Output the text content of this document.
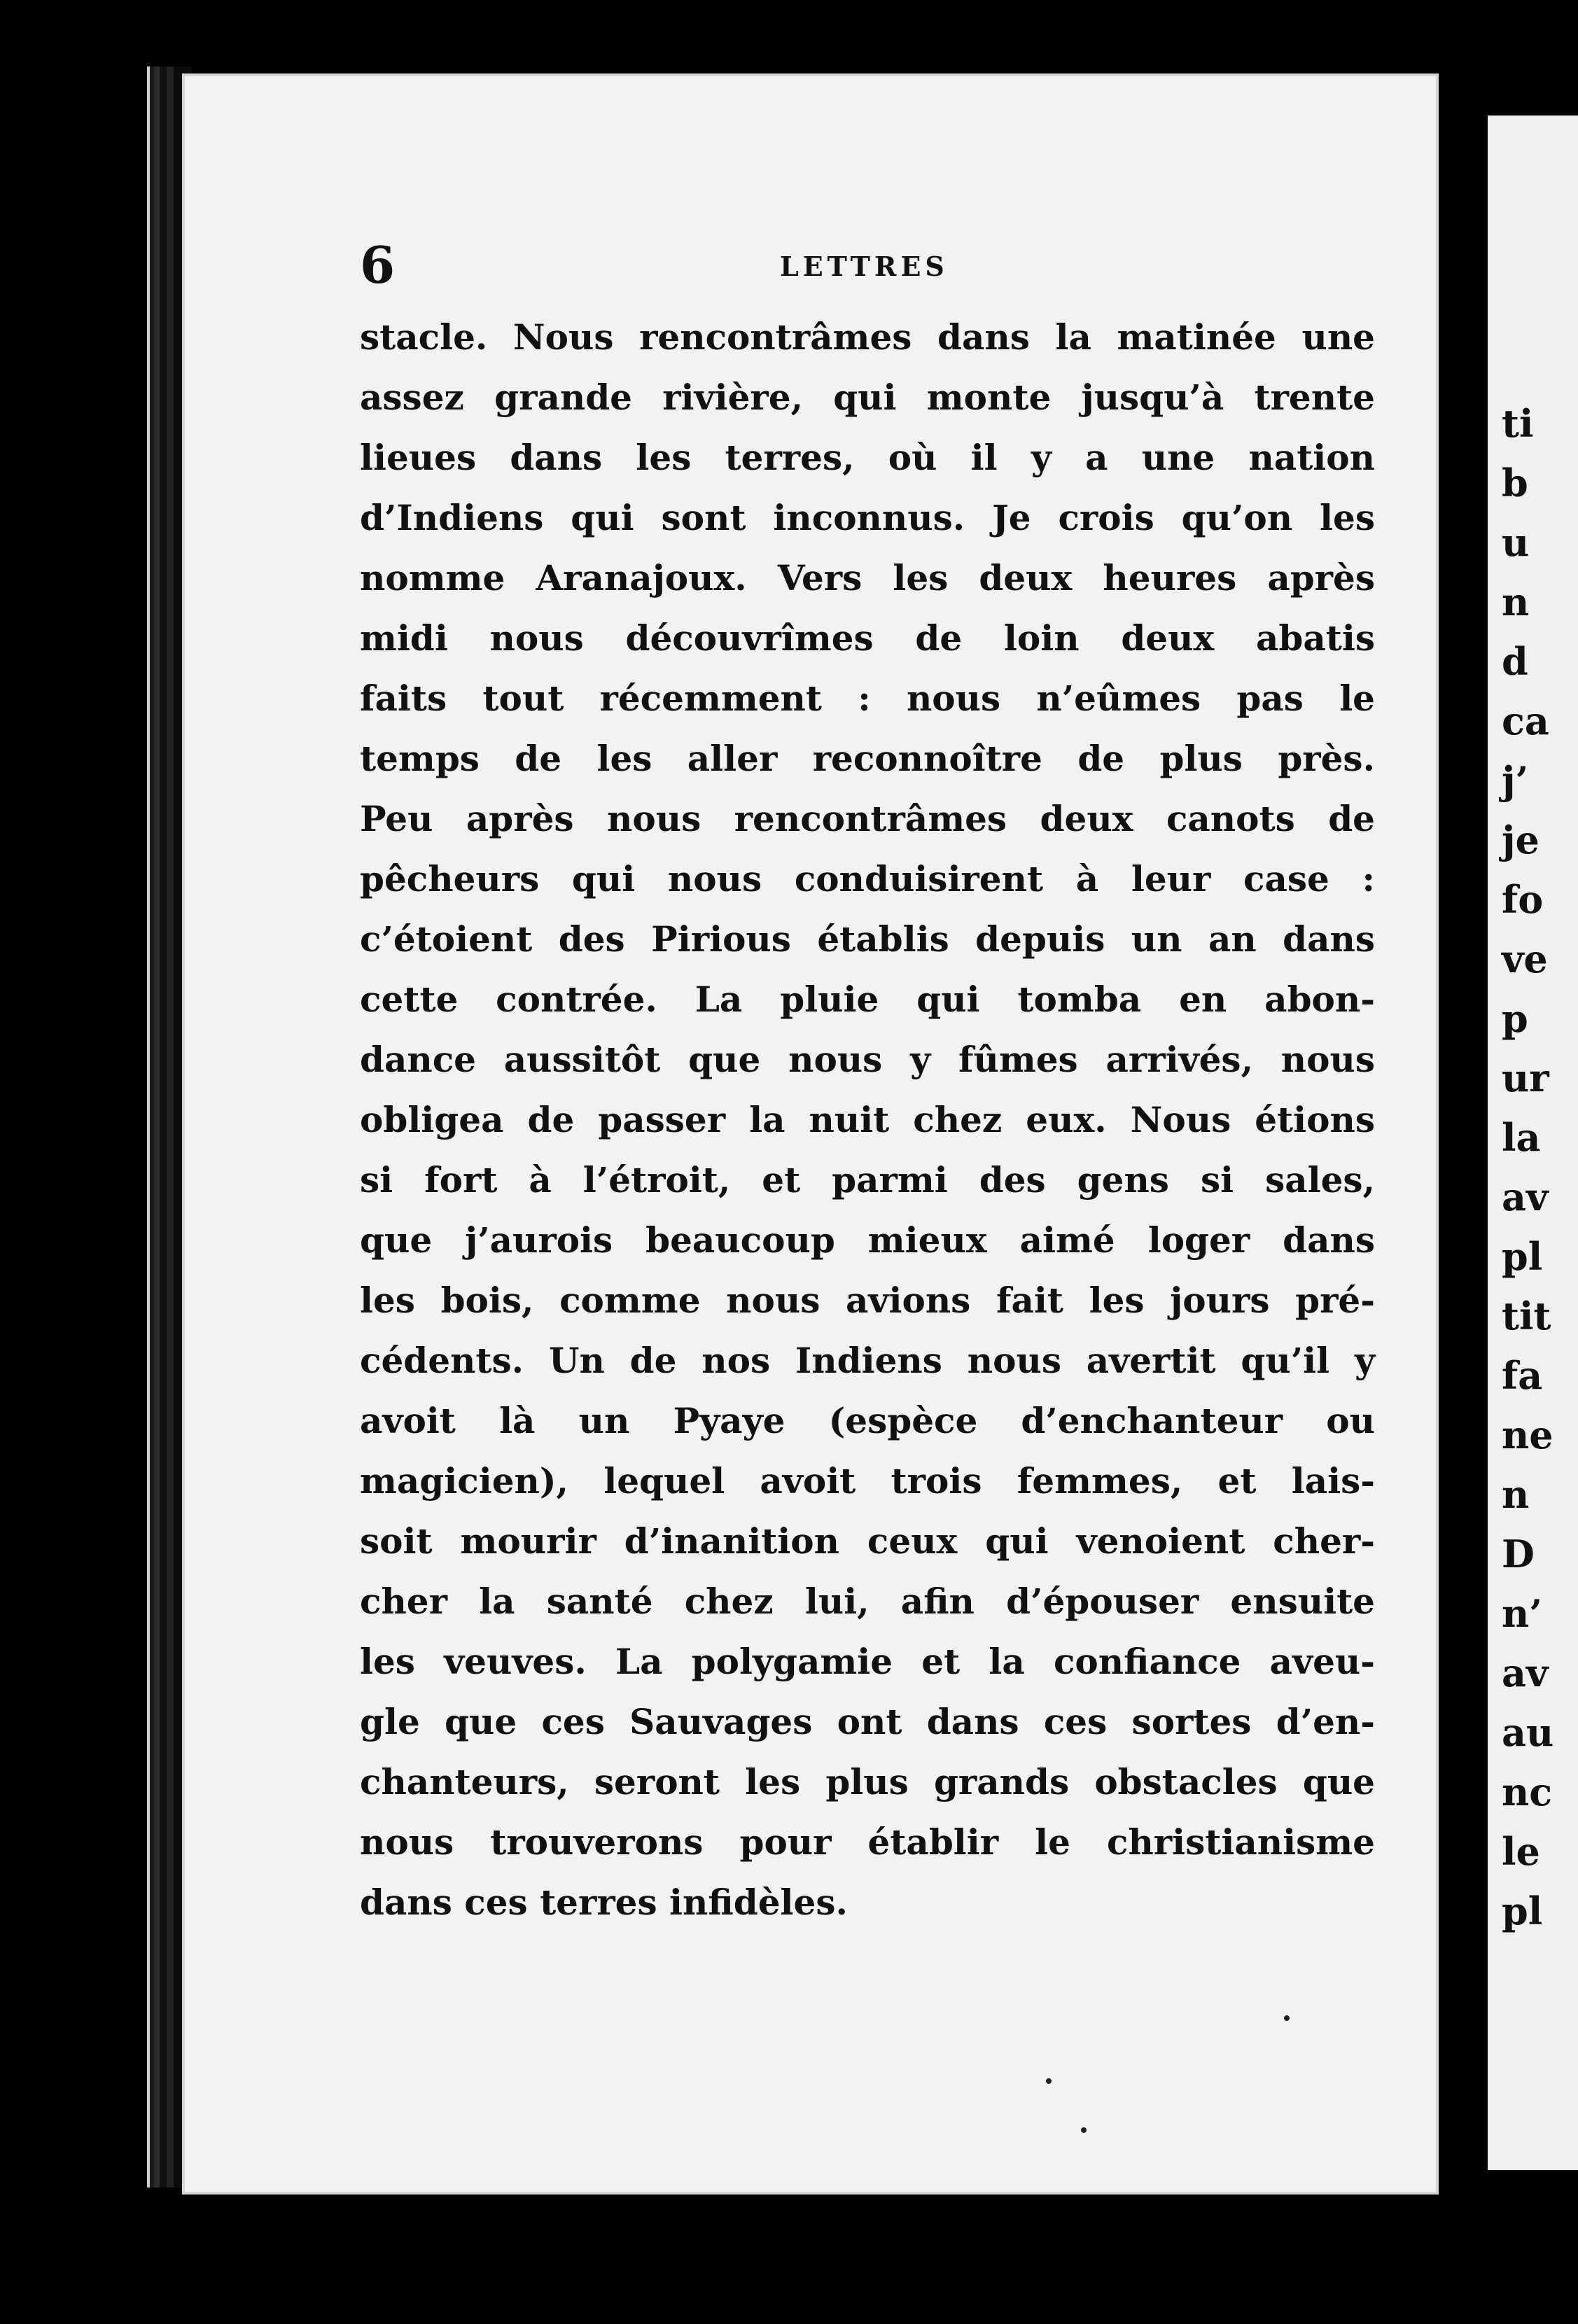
6	LETTRES
stacle. Nous rencontrâmes dans la matinée une
assez grande rivière, qui monte jusqu’à trente
lieues dans les terres, où il y a une nation
d’Indiens qui sont inconnus. Je crois qu’on les
nomme Aranajoux. Vers les deux heures après
midi nous découvrîmes de loin deux abatis
faits tout récemment : nous n’eûmes pas le
temps de les aller reconnoître de plus près.
Peu après nous rencontrâmes deux canots de
pêcheurs qui nous conduisirent à leur case :
c’étoient des Pirious établis depuis un an dans
cette contrée. La pluie qui tomba en abon-
dance aussitôt que nous y fûmes arrivés, nous
obligea de passer la nuit chez eux. Nous étions
si fort à l’étroit, et parmi des gens si sales,
que j’aurois beaucoup mieux aimé loger dans
les bois, comme nous avions fait les jours pré-
cédents. Un de nos Indiens nous avertit qu’il y
avoit là un Pyaye (espèce d’enchanteur ou
magicien), lequel avoit trois femmes, et lais-
soit mourir d’inanition ceux qui venoient cher-
cher la santé chez lui, afin d’épouser ensuite
les veuves. La polygamie et la confiance aveu-
gle que ces Sauvages ont dans ces sortes d’en-
chanteurs, seront les plus grands obstacles que
nous trouverons pour établir le christianisme
dans ces terres infidèles.
ti
b
u
n
d
ca
j’
je
fo
ve
p
ur
la
av
pl
tit
fa
ne
n
D
n’
av
au
nc
le
pl
